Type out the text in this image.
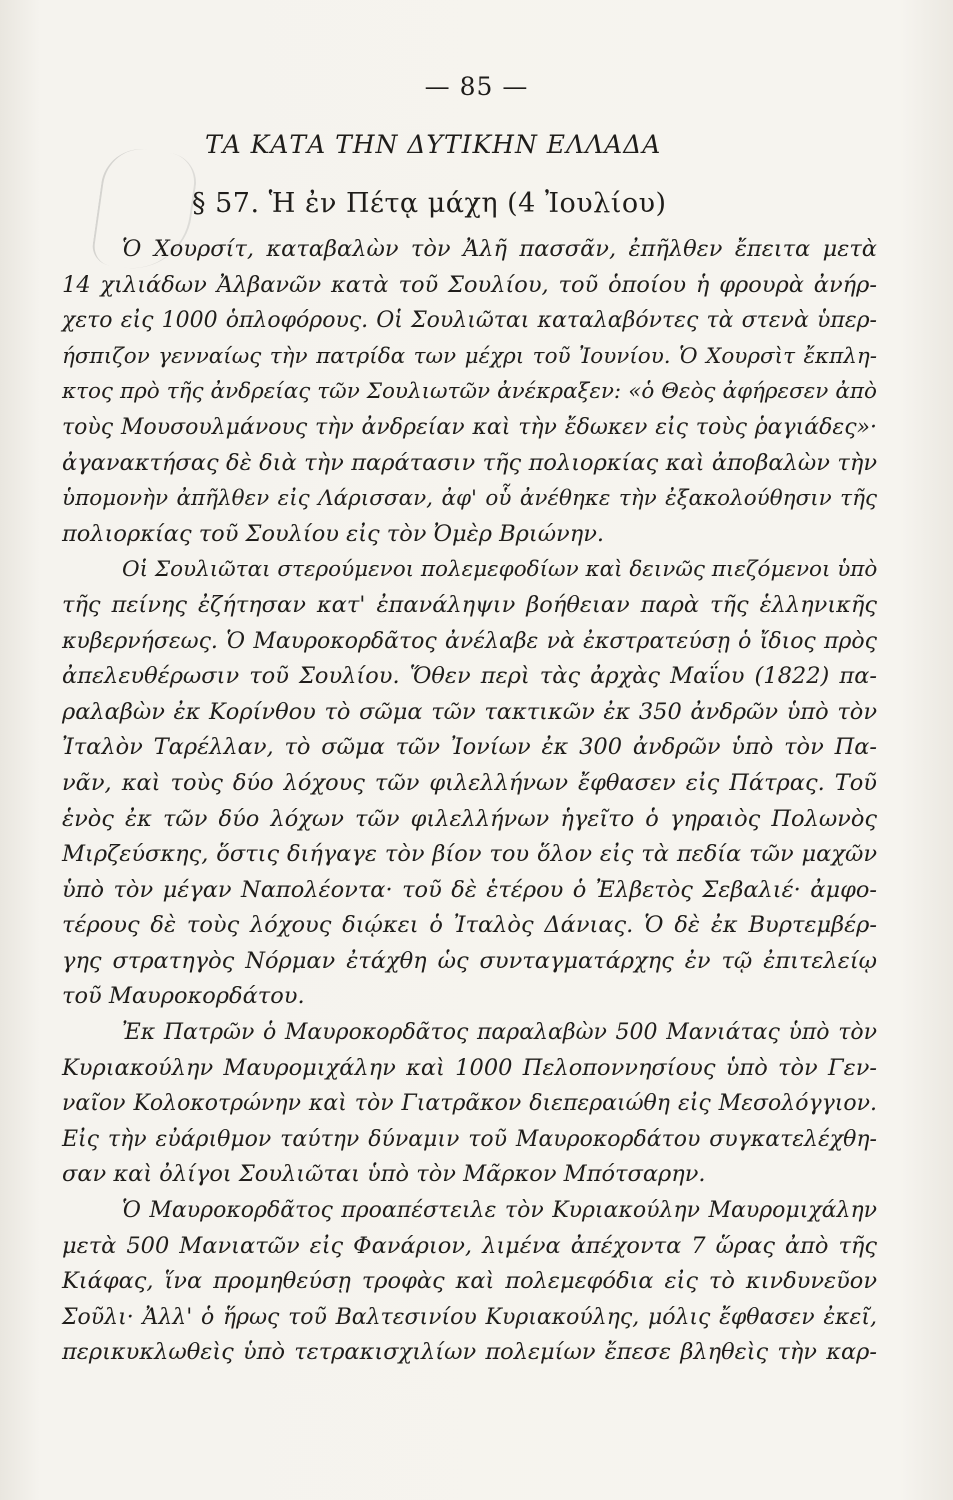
— 85 —
ΤΑ ΚΑΤΑ ΤΗΝ ΔΥΤΙΚΗΝ ΕΛΛΑΔΑ
§ 57. Ἡ ἐν Πέτᾳ μάχη (4 Ἰουλίου)
Ὁ Χουρσίτ, καταβαλὼν τὸν Ἀλῆ πασσᾶν, ἐπῆλθεν ἔπειτα μετὰ
14 χιλιάδων Ἀλβανῶν κατὰ τοῦ Σουλίου, τοῦ ὁποίου ἡ φρουρὰ ἀνήρ-
χετο εἰς 1000 ὁπλοφόρους. Οἱ Σουλιῶται καταλαβόντες τὰ στενὰ ὑπερ-
ήσπιζον γενναίως τὴν πατρίδα των μέχρι τοῦ Ἰουνίου. Ὁ Χουρσὶτ ἔκπλη-
κτος πρὸ τῆς ἀνδρείας τῶν Σουλιωτῶν ἀνέκραξεν: «ὁ Θεὸς ἀφήρεσεν ἀπὸ
τοὺς Μουσουλμάνους τὴν ἀνδρείαν καὶ τὴν ἔδωκεν εἰς τοὺς ῥαγιάδες»·
ἀγανακτήσας δὲ διὰ τὴν παράτασιν τῆς πολιορκίας καὶ ἀποβαλὼν τὴν
ὑπομονὴν ἀπῆλθεν εἰς Λάρισσαν, ἀφ' οὗ ἀνέθηκε τὴν ἐξακολούθησιν τῆς
πολιορκίας τοῦ Σουλίου εἰς τὸν Ὀμὲρ Βριώνην.
Οἱ Σουλιῶται στερούμενοι πολεμεφοδίων καὶ δεινῶς πιεζόμενοι ὑπὸ
τῆς πείνης ἐζήτησαν κατ' ἐπανάληψιν βοήθειαν παρὰ τῆς ἑλληνικῆς
κυβερνήσεως. Ὁ Μαυροκορδᾶτος ἀνέλαβε νὰ ἐκστρατεύσῃ ὁ ἴδιος πρὸς
ἀπελευθέρωσιν τοῦ Σουλίου. Ὅθεν περὶ τὰς ἀρχὰς Μαΐου (1822) πα-
ραλαβὼν ἐκ Κορίνθου τὸ σῶμα τῶν τακτικῶν ἐκ 350 ἀνδρῶν ὑπὸ τὸν
Ἰταλὸν Ταρέλλαν, τὸ σῶμα τῶν Ἰονίων ἐκ 300 ἀνδρῶν ὑπὸ τὸν Πα-
νᾶν, καὶ τοὺς δύο λόχους τῶν φιλελλήνων ἔφθασεν εἰς Πάτρας. Τοῦ
ἑνὸς ἐκ τῶν δύο λόχων τῶν φιλελλήνων ἡγεῖτο ὁ γηραιὸς Πολωνὸς
Μιρζεύσκης, ὅστις διήγαγε τὸν βίον του ὅλον εἰς τὰ πεδία τῶν μαχῶν
ὑπὸ τὸν μέγαν Ναπολέοντα· τοῦ δὲ ἑτέρου ὁ Ἐλβετὸς Σεβαλιέ· ἀμφο-
τέρους δὲ τοὺς λόχους διῴκει ὁ Ἰταλὸς Δάνιας. Ὁ δὲ ἐκ Βυρτεμβέρ-
γης στρατηγὸς Νόρμαν ἐτάχθη ὡς συνταγματάρχης ἐν τῷ ἐπιτελείῳ
τοῦ Μαυροκορδάτου.
Ἐκ Πατρῶν ὁ Μαυροκορδᾶτος παραλαβὼν 500 Μανιάτας ὑπὸ τὸν
Κυριακούλην Μαυρομιχάλην καὶ 1000 Πελοποννησίους ὑπὸ τὸν Γεν-
ναῖον Κολοκοτρώνην καὶ τὸν Γιατρᾶκον διεπεραιώθη εἰς Μεσολόγγιον.
Εἰς τὴν εὐάριθμον ταύτην δύναμιν τοῦ Μαυροκορδάτου συγκατελέχθη-
σαν καὶ ὀλίγοι Σουλιῶται ὑπὸ τὸν Μᾶρκον Μπότσαρην.
Ὁ Μαυροκορδᾶτος προαπέστειλε τὸν Κυριακούλην Μαυρομιχάλην
μετὰ 500 Μανιατῶν εἰς Φανάριον, λιμένα ἀπέχοντα 7 ὥρας ἀπὸ τῆς
Κιάφας, ἵνα προμηθεύσῃ τροφὰς καὶ πολεμεφόδια εἰς τὸ κινδυνεῦον
Σοῦλι· Ἀλλ' ὁ ἥρως τοῦ Βαλτεσινίου Κυριακούλης, μόλις ἔφθασεν ἐκεῖ,
περικυκλωθεὶς ὑπὸ τετρακισχιλίων πολεμίων ἔπεσε βληθεὶς τὴν καρ-
